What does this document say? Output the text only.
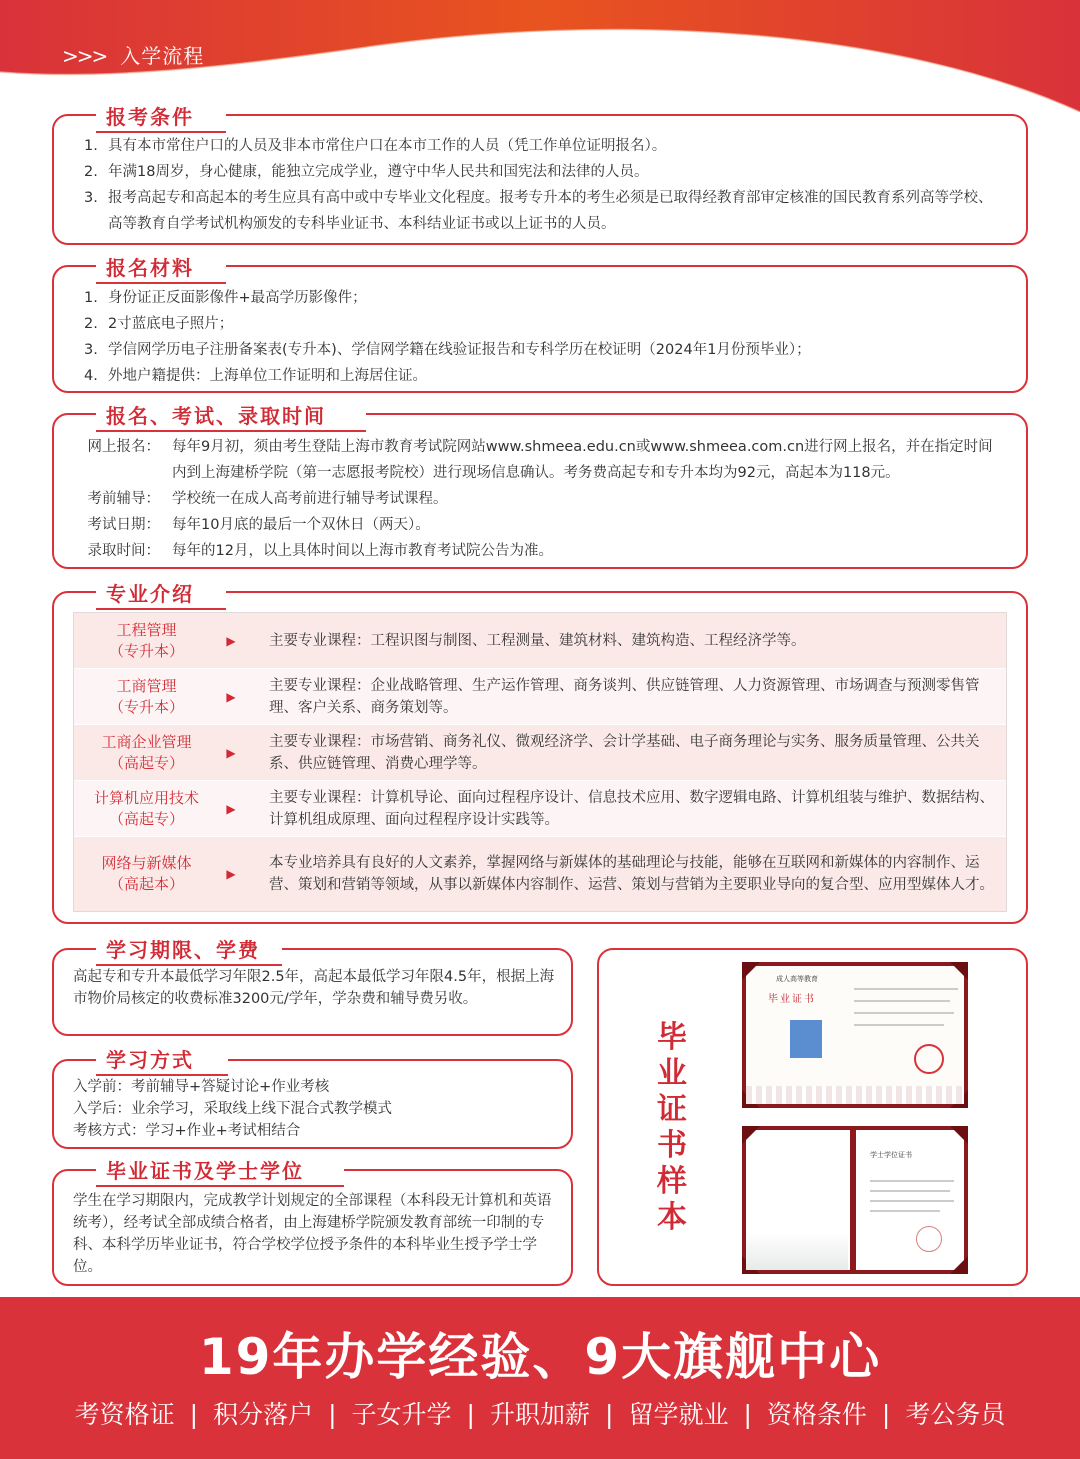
>>> 入学流程
报考条件
1. 具有本市常住户口的人员及非本市常住户口在本市工作的人员（凭工作单位证明报名）。
2. 年满18周岁，身心健康，能独立完成学业，遵守中华人民共和国宪法和法律的人员。
3. 报考高起专和高起本的考生应具有高中或中专毕业文化程度。报考专升本的考生必须是已取得经教育部审定核准的国民教育系列高等学校、高等教育自学考试机构颁发的专科毕业证书、本科结业证书或以上证书的人员。
报名材料
1. 身份证正反面影像件+最高学历影像件；
2. 2寸蓝底电子照片；
3. 学信网学历电子注册备案表(专升本)、学信网学籍在线验证报告和专科学历在校证明（2024年1月份预毕业）；
4. 外地户籍提供：上海单位工作证明和上海居住证。
报名、考试、录取时间
网上报名： 每年9月初，须由考生登陆上海市教育考试院网站www.shmeea.edu.cn或www.shmeea.com.cn进行网上报名，并在指定时间内到上海建桥学院（第一志愿报考院校）进行现场信息确认。考务费高起专和专升本均为92元，高起本为118元。
考前辅导： 学校统一在成人高考前进行辅导考试课程。
考试日期： 每年10月底的最后一个双休日（两天）。
录取时间： 每年的12月，以上具体时间以上海市教育考试院公告为准。
专业介绍
工程管理
（专升本）
▶	主要专业课程：工程识图与制图、工程测量、建筑材料、建筑构造、工程经济学等。
工商管理
（专升本）
▶
主要专业课程：企业战略管理、生产运作管理、商务谈判、供应链管理、人力资源管理、市场调查与预测零售管理、客户关系、商务策划等。
工商企业管理
（高起专）
▶
主要专业课程：市场营销、商务礼仪、微观经济学、会计学基础、电子商务理论与实务、服务质量管理、公共关系、供应链管理、消费心理学等。
计算机应用技术
（高起专）
▶
主要专业课程：计算机导论、面向过程程序设计、信息技术应用、数字逻辑电路、计算机组装与维护、数据结构、计算机组成原理、面向过程程序设计实践等。
网络与新媒体
（高起本）
▶
本专业培养具有良好的人文素养，掌握网络与新媒体的基础理论与技能，能够在互联网和新媒体的内容制作、运营、策划和营销等领域，从事以新媒体内容制作、运营、策划与营销为主要职业导向的复合型、应用型媒体人才。
学习期限、学费
高起专和专升本最低学习年限2.5年，高起本最低学习年限4.5年，根据上海市物价局核定的收费标准3200元/学年，学杂费和辅导费另收。
学习方式
入学前：考前辅导+答疑讨论+作业考核
入学后：业余学习，采取线上线下混合式教学模式
考核方式：学习+作业+考试相结合
毕业证书及学士学位
学生在学习期限内，完成教学计划规定的全部课程（本科段无计算机和英语统考），经考试全部成绩合格者，由上海建桥学院颁发教育部统一印制的专科、本科学历毕业证书，符合学校学位授予条件的本科毕业生授予学士学位。
毕业证书样本
成人高等教育
毕业证书
学士学位证书
19年办学经验、9大旗舰中心
考资格证 | 积分落户 | 子女升学 | 升职加薪 | 留学就业 | 资格条件 | 考公务员
